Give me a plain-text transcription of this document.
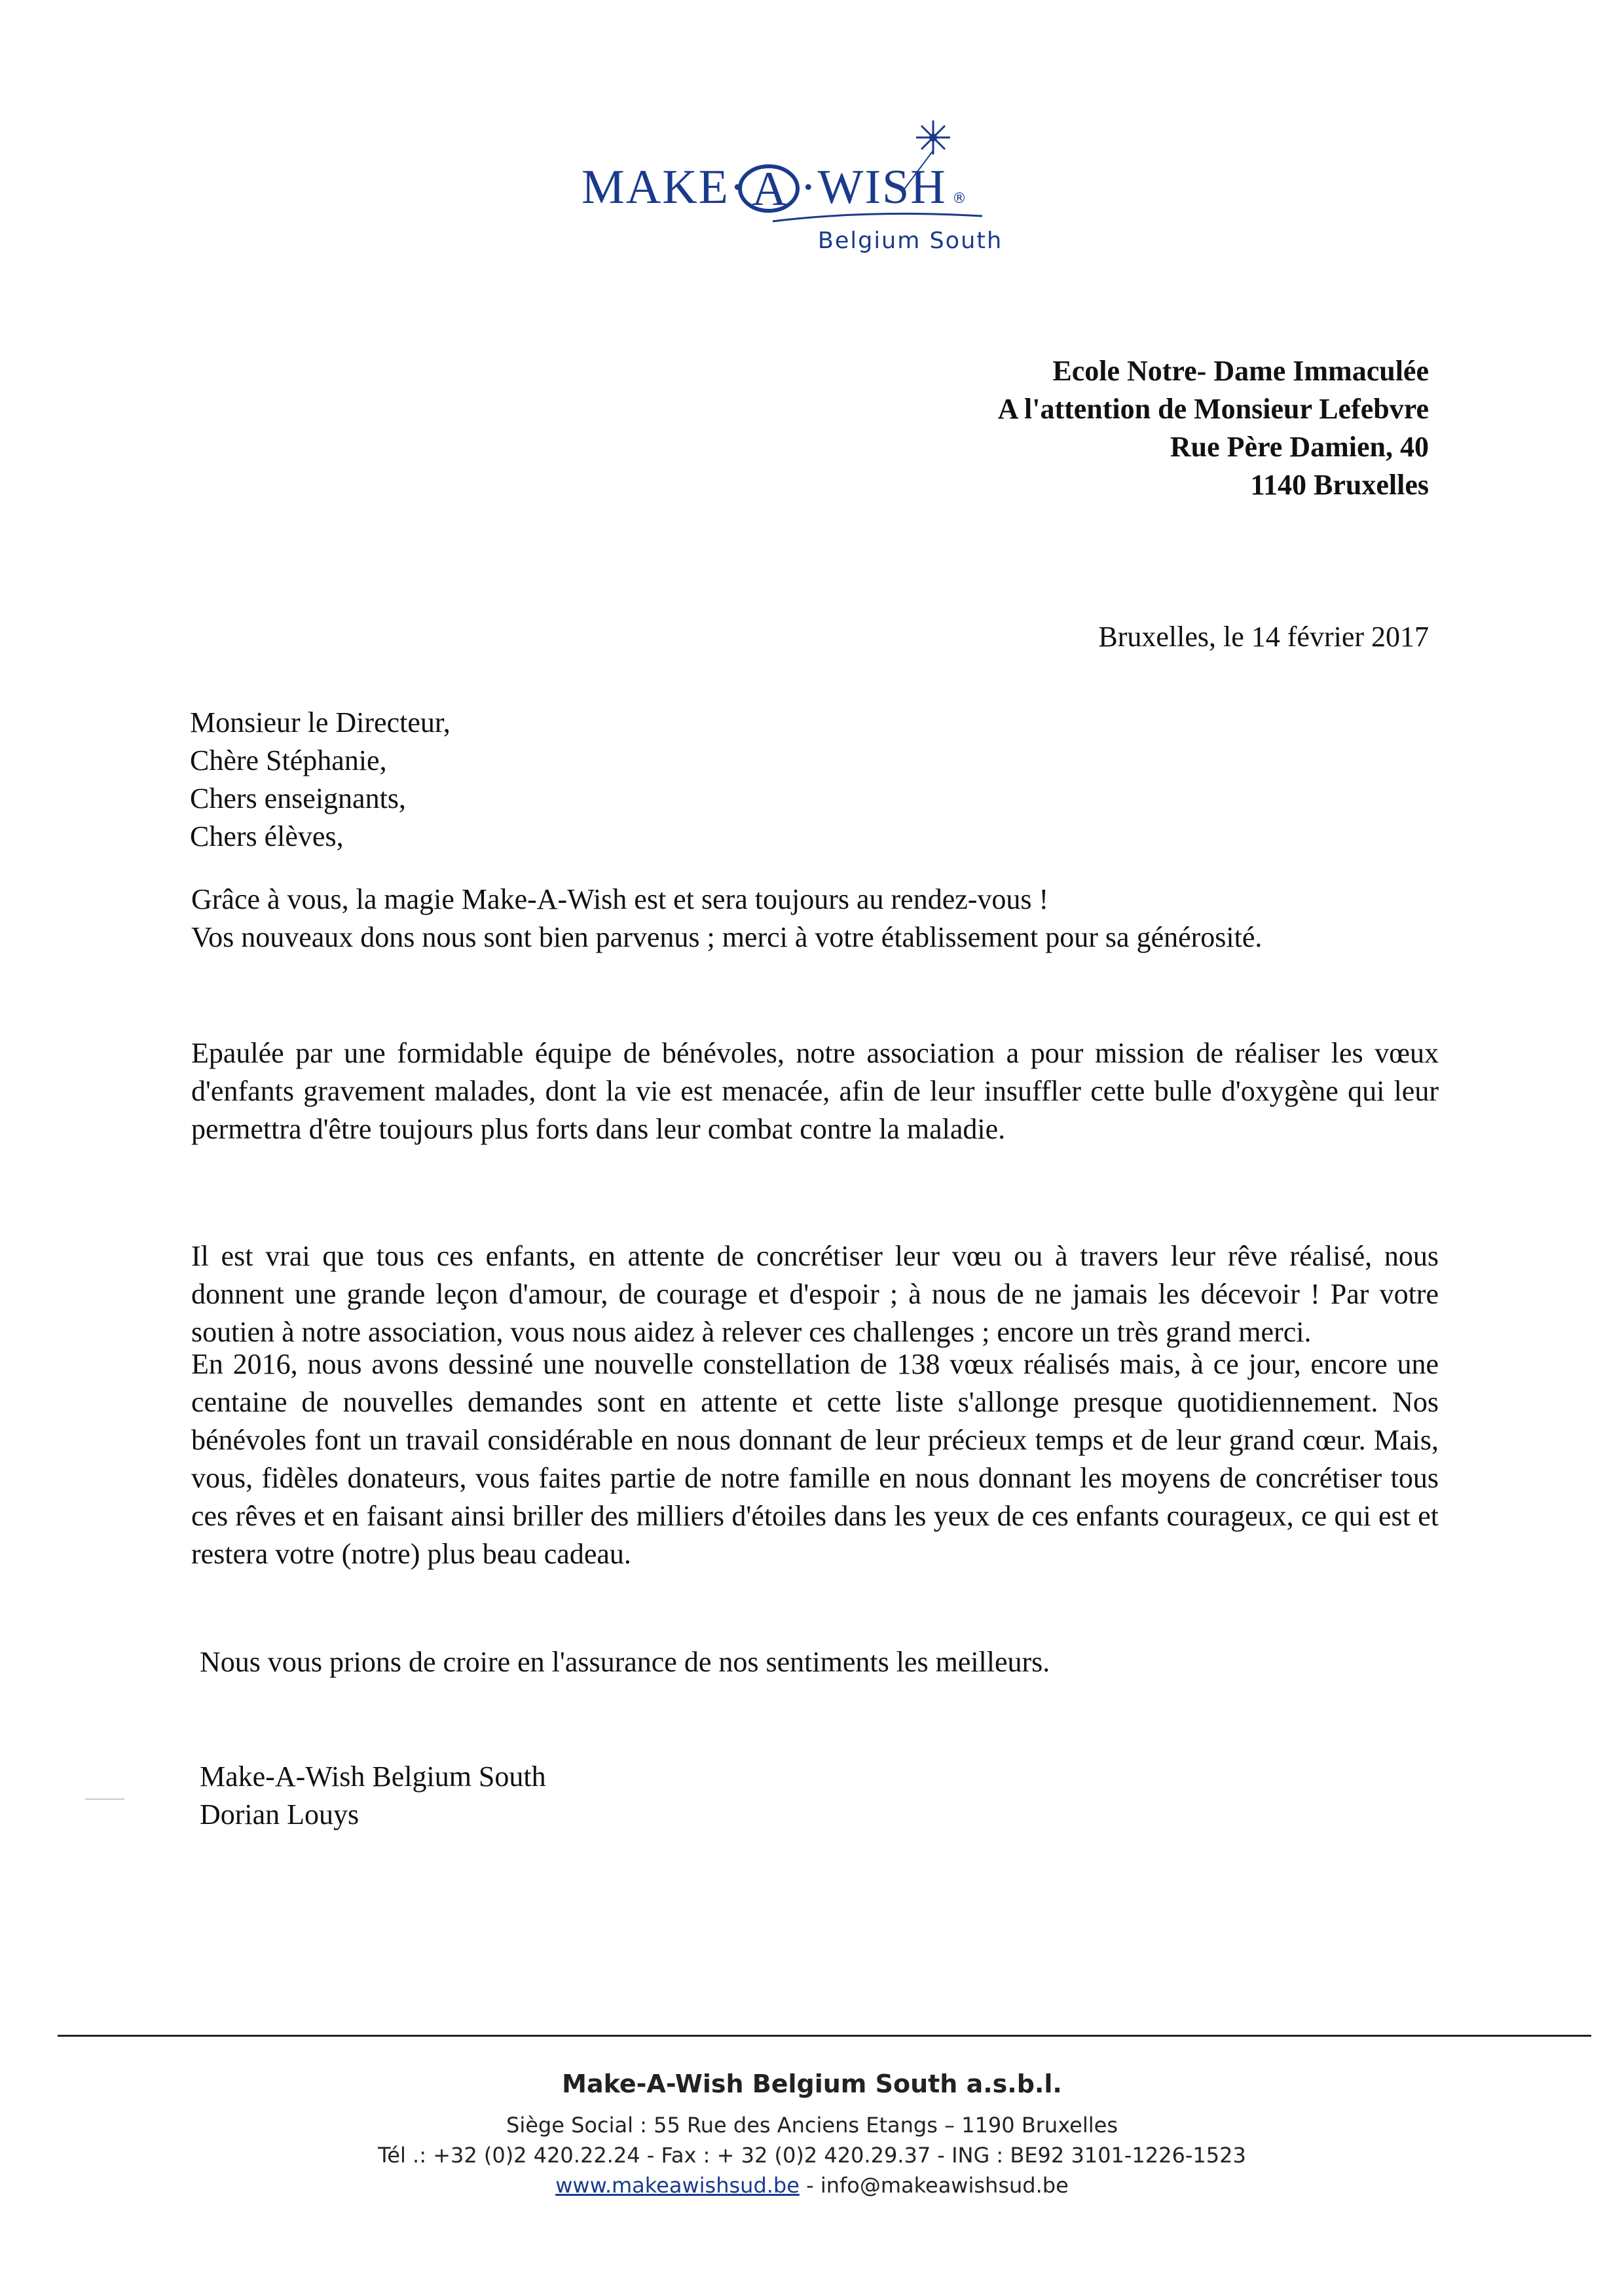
MAKE· A ·WISH ®
Belgium South
Ecole Notre- Dame Immaculée
A l'attention de Monsieur Lefebvre
Rue Père Damien, 40
1140 Bruxelles
Bruxelles, le 14 février 2017
Monsieur le Directeur,
Chère Stéphanie,
Chers enseignants,
Chers élèves,
Grâce à vous, la magie Make-A-Wish est et sera toujours au rendez-vous !
Vos nouveaux dons nous sont bien parvenus ; merci à votre établissement pour sa générosité.
Epaulée par une formidable équipe de bénévoles, notre association a pour mission de réaliser les vœux d'enfants gravement malades, dont la vie est menacée, afin de leur insuffler cette bulle d'oxygène qui leur permettra d'être toujours plus forts dans leur combat contre la maladie.
Il est vrai que tous ces enfants, en attente de concrétiser leur vœu ou à travers leur rêve réalisé, nous donnent une grande leçon d'amour, de courage et d'espoir ; à nous de ne jamais les décevoir ! Par votre soutien à notre association, vous nous aidez à relever ces challenges ; encore un très grand merci.
En 2016, nous avons dessiné une nouvelle constellation de 138 vœux réalisés mais, à ce jour, encore une centaine de nouvelles demandes sont en attente et cette liste s'allonge presque quotidiennement. Nos bénévoles font un travail considérable en nous donnant de leur précieux temps et de leur grand cœur. Mais, vous, fidèles donateurs, vous faites partie de notre famille en nous donnant les moyens de concrétiser tous ces rêves et en faisant ainsi briller des milliers d'étoiles dans les yeux de ces enfants courageux, ce qui est et restera votre (notre) plus beau cadeau.
Nous vous prions de croire en l'assurance de nos sentiments les meilleurs.
Make-A-Wish Belgium South
Dorian Louys
Make-A-Wish Belgium South a.s.b.l.
Siège Social : 55 Rue des Anciens Etangs – 1190 Bruxelles
Tél .: +32 (0)2 420.22.24 - Fax : + 32 (0)2 420.29.37 - ING : BE92 3101-1226-1523
www.makeawishsud.be - info@makeawishsud.be
